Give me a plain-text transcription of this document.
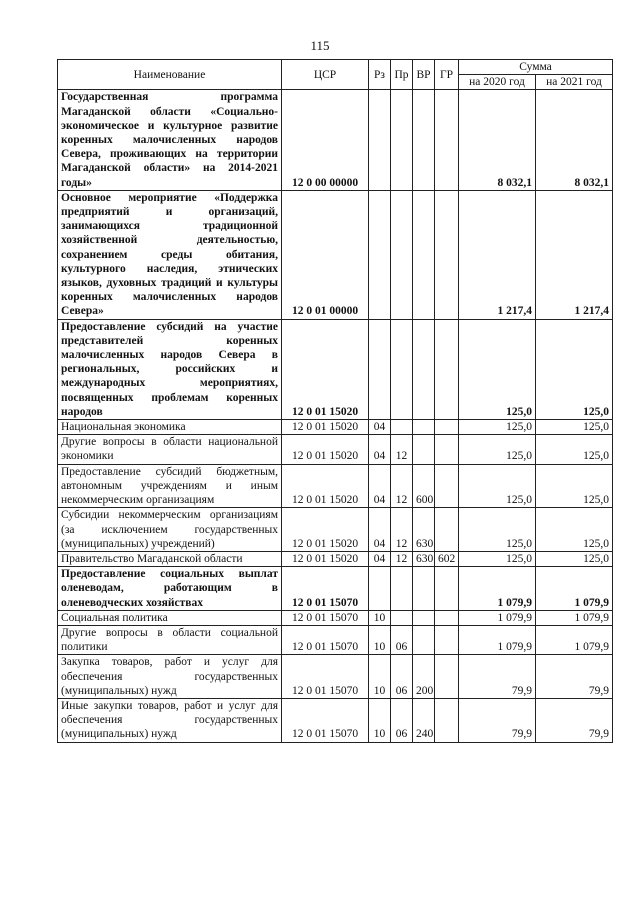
115
Наименование	ЦСР	Рз	Пр	ВР	ГР	Сумма	
						на 2020 год	на 2021 год
Государственная программа Магаданской области «Социально-экономическое и культурное развитие коренных малочисленных народов Севера, проживающих на территории Магаданской области» на 2014-2021 годы»	12 0 00 00000					8 032,1	8 032,1
Основное мероприятие «Поддержка предприятий и организаций, занимающихся традиционной хозяйственной деятельностью, сохранением среды обитания, культурного наследия, этнических языков, духовных традиций и культуры коренных малочисленных народов Севера»	12 0 01 00000					1 217,4	1 217,4
Предоставление субсидий на участие представителей коренных малочисленных народов Севера в региональных, российских и международных мероприятиях, посвященных проблемам коренных народов	12 0 01 15020					125,0	125,0
Национальная экономика	12 0 01 15020	04				125,0	125,0
Другие вопросы в области национальной экономики	12 0 01 15020	04	12			125,0	125,0
Предоставление субсидий бюджетным, автономным учреждениям и иным некоммерческим организациям	12 0 01 15020	04	12	600		125,0	125,0
Субсидии некоммерческим организациям (за исключением государственных (муниципальных) учреждений)	12 0 01 15020	04	12	630		125,0	125,0
Правительство Магаданской области	12 0 01 15020	04	12	630	602	125,0	125,0
Предоставление социальных выплат оленеводам, работающим в оленеводческих хозяйствах	12 0 01 15070					1 079,9	1 079,9
Социальная политика	12 0 01 15070	10				1 079,9	1 079,9
Другие вопросы в области социальной политики	12 0 01 15070	10	06			1 079,9	1 079,9
Закупка товаров, работ и услуг для обеспечения государственных (муниципальных) нужд	12 0 01 15070	10	06	200		79,9	79,9
Иные закупки товаров, работ и услуг для обеспечения государственных (муниципальных) нужд	12 0 01 15070	10	06	240		79,9	79,9
